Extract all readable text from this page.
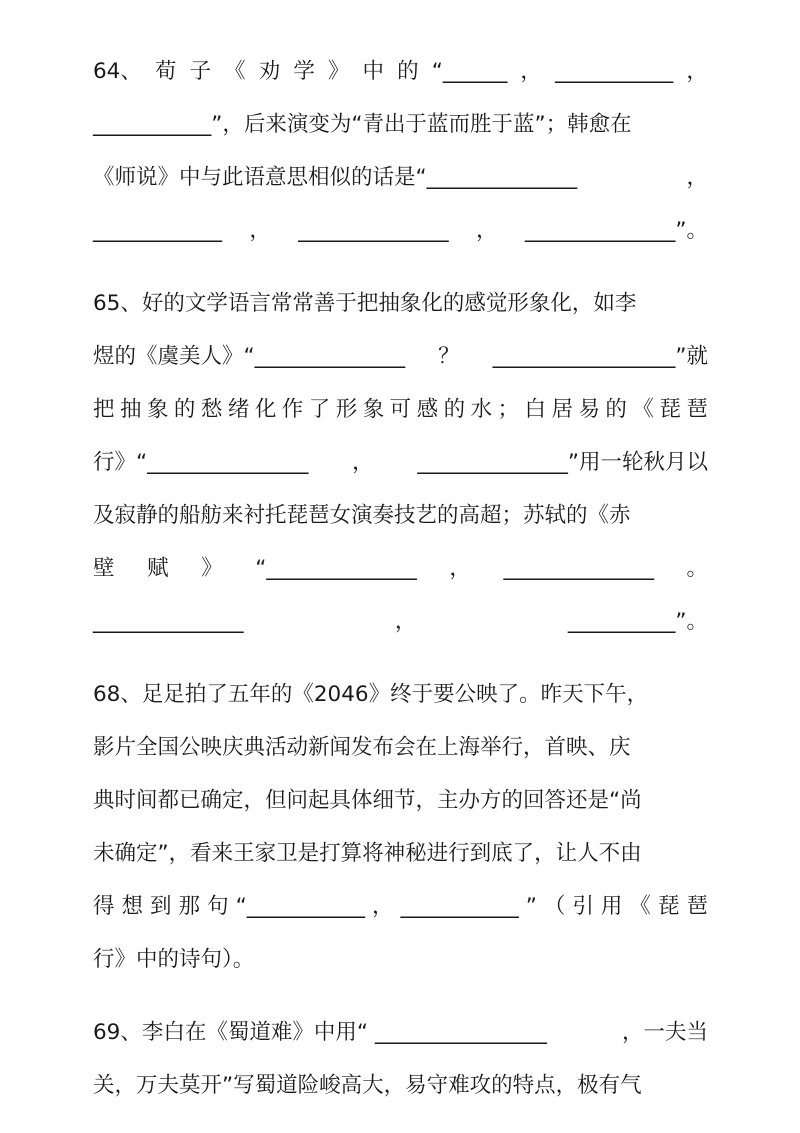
64、 荀 子 《 劝 学 》 中 的 “______ ， ___________ ，
___________”，后来演变为“青出于蓝而胜于蓝”；韩愈在
《师说》中与此语意思相似的话是“______________	，
____________ ， ______________ ， ______________”。
65、好的文学语言常常善于把抽象化的感觉形象化，如李
煜的《虞美人》“______________ ？ _________________”就
把 抽 象 的 愁 绪 化 作 了 形 象 可 感 的 水 ； 白 居 易 的 《 琵 琶
行》“_______________ ， ______________”用一轮秋月以
及寂静的船舫来衬托琵琶女演奏技艺的高超；苏轼的《赤
壁 赋 》 “______________ ， ______________ 。
______________	，	__________”。
68、足足拍了五年的《2046》终于要公映了。昨天下午，
影片全国公映庆典活动新闻发布会在上海举行，首映、庆
典时间都已确定，但问起具体细节，主办方的回答还是“尚
未确定”，看来王家卫是打算将神秘进行到底了，让人不由
得 想 到 那 句 “___________ ， ___________ ” （ 引 用 《 琵 琶
行》中的诗句）。
69、李白在《蜀道难》中用“ ________________	，一夫当
关，万夫莫开”写蜀道险峻高大，易守难攻的特点，极有气
